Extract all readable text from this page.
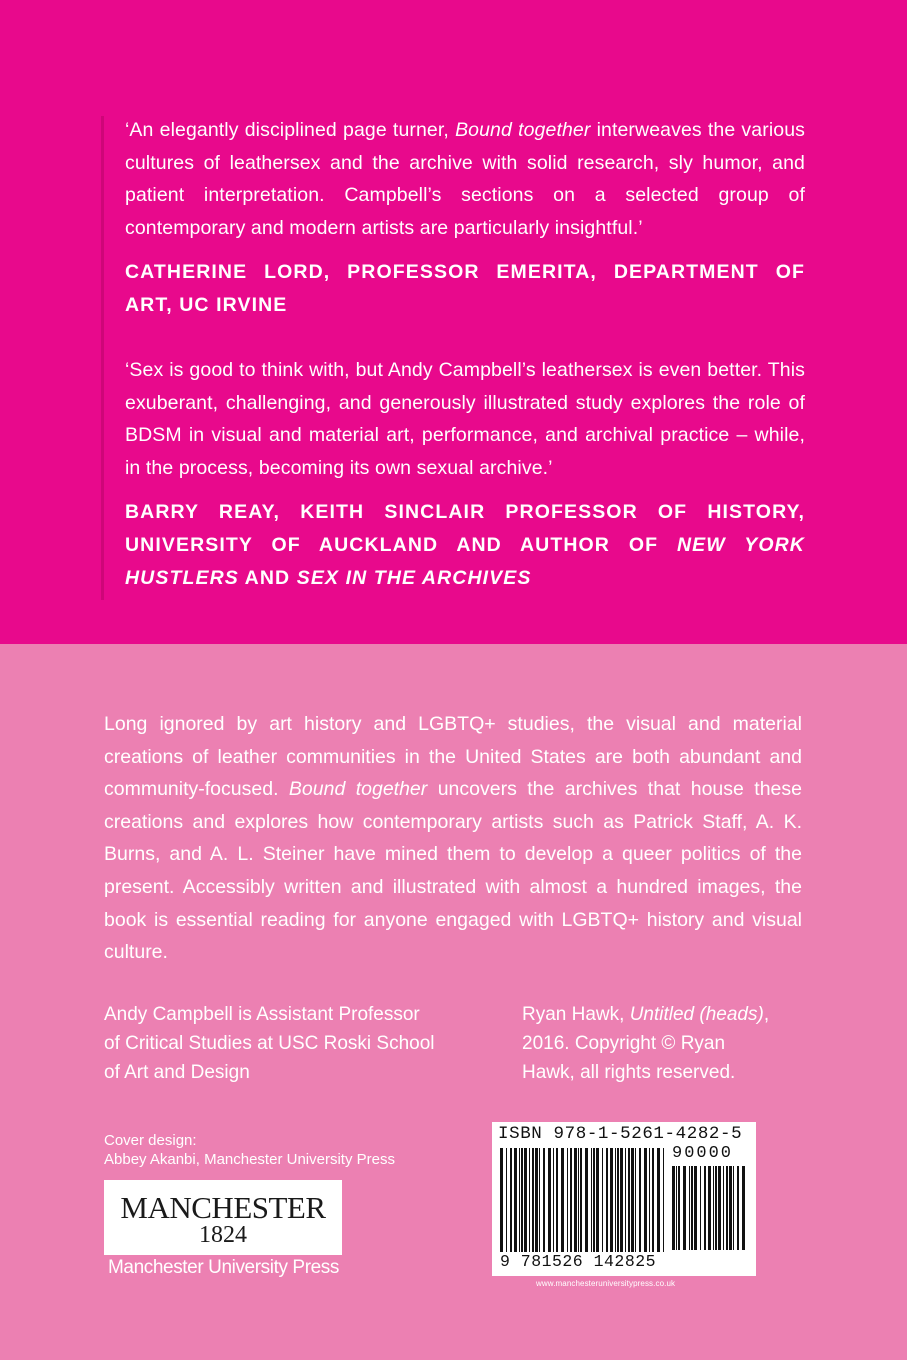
‘An elegantly disciplined page turner, Bound together interweaves the various cultures of leathersex and the archive with solid research, sly humor, and patient interpretation. Campbell’s sections on a selected group of contemporary and modern artists are particularly insightful.’
CATHERINE LORD, PROFESSOR EMERITA, DEPARTMENT OF ART, UC IRVINE
‘Sex is good to think with, but Andy Campbell’s leathersex is even better. This exuberant, challenging, and generously illustrated study explores the role of BDSM in visual and material art, performance, and archival practice – while, in the process, becoming its own sexual archive.’
BARRY REAY, KEITH SINCLAIR PROFESSOR OF HISTORY, UNIVERSITY OF AUCKLAND AND AUTHOR OF NEW YORK HUSTLERS AND SEX IN THE ARCHIVES
Long ignored by art history and LGBTQ+ studies, the visual and material creations of leather communities in the United States are both abundant and community-focused. Bound together uncovers the archives that house these creations and explores how contemporary artists such as Patrick Staff, A. K. Burns, and A. L. Steiner have mined them to develop a queer politics of the present. Accessibly written and illustrated with almost a hundred images, the book is essential reading for anyone engaged with LGBTQ+ history and visual culture.
Andy Campbell is Assistant Professor
of Critical Studies at USC Roski School
of Art and Design
Ryan Hawk, Untitled (heads),
2016. Copyright © Ryan
Hawk, all rights reserved.
Cover design:
Abbey Akanbi, Manchester University Press
MANCHESTER
1824
Manchester University Press
ISBN 978-1-5261-4282-5
90000
9 781526 142825
www.manchesteruniversitypress.co.uk
